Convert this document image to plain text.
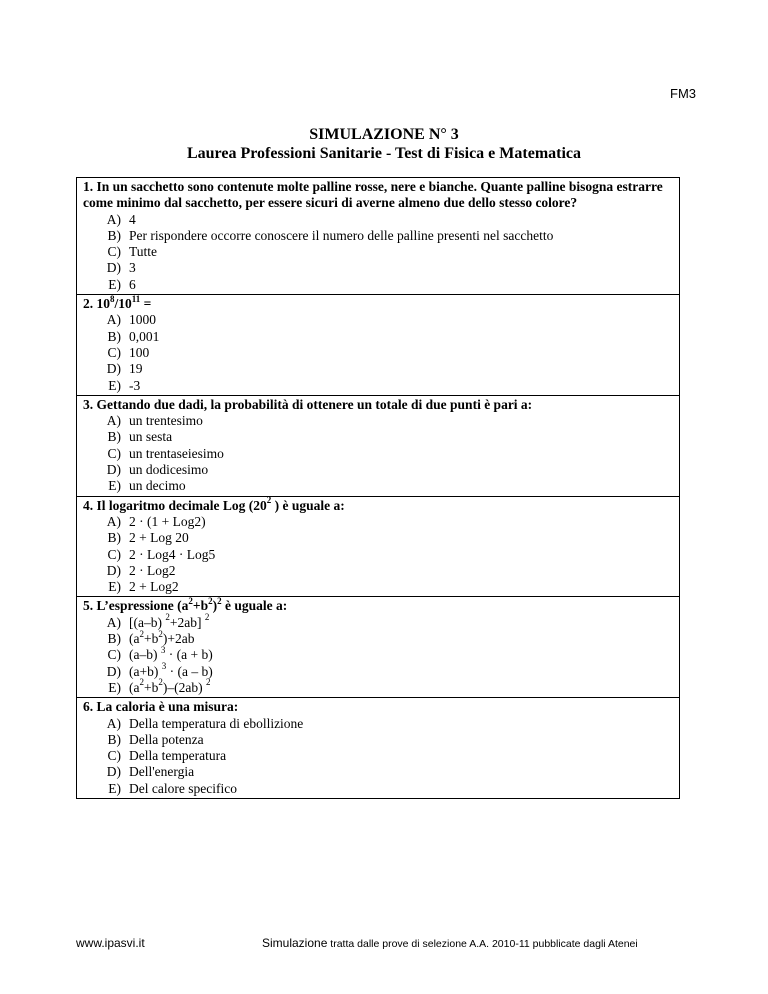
FM3
SIMULAZIONE N° 3
Laurea Professioni Sanitarie - Test di Fisica e Matematica
1. In un sacchetto sono contenute molte palline rosse, nere e bianche. Quante palline bisogna estrarre come minimo dal sacchetto, per essere sicuri di averne almeno due dello stesso colore?
A) 4
B) Per rispondere occorre conoscere il numero delle palline presenti nel sacchetto
C) Tutte
D) 3
E) 6
2. $10^8/10^{11}$ =
A) 1000
B) 0,001
C) 100
D) 19
E) -3
3. Gettando due dadi, la probabilità di ottenere un totale di due punti è pari a:
A) un trentesimo
B) un sesta
C) un trentaseiesimo
D) un dodicesimo
E) un decimo
4. Il logaritmo decimale Log ($20^2$ ) è uguale a:
A) 2 · (1 + Log2)
B) 2 + Log 20
C) 2 · Log4 · Log5
D) 2 · Log2
E) 2 + Log2
5. L’espressione $(a^2+b^2)^2$ è uguale a:
A) [(a–b) $^2$+2ab] $^2$
B) $(a^2+b^2)+2ab$
C) (a–b) $^3$ · (a + b)
D) (a+b) $^3$ · (a – b)
E) $(a^2+b^2)-(2ab)$ $^2$
6. La caloria è una misura:
A) Della temperatura di ebollizione
B) Della potenza
C) Della temperatura
D) Dell'energia
E) Del calore specifico
www.ipasvi.it	Simulazione tratta dalle prove di selezione A.A. 2010-11 pubblicate dagli Atenei
